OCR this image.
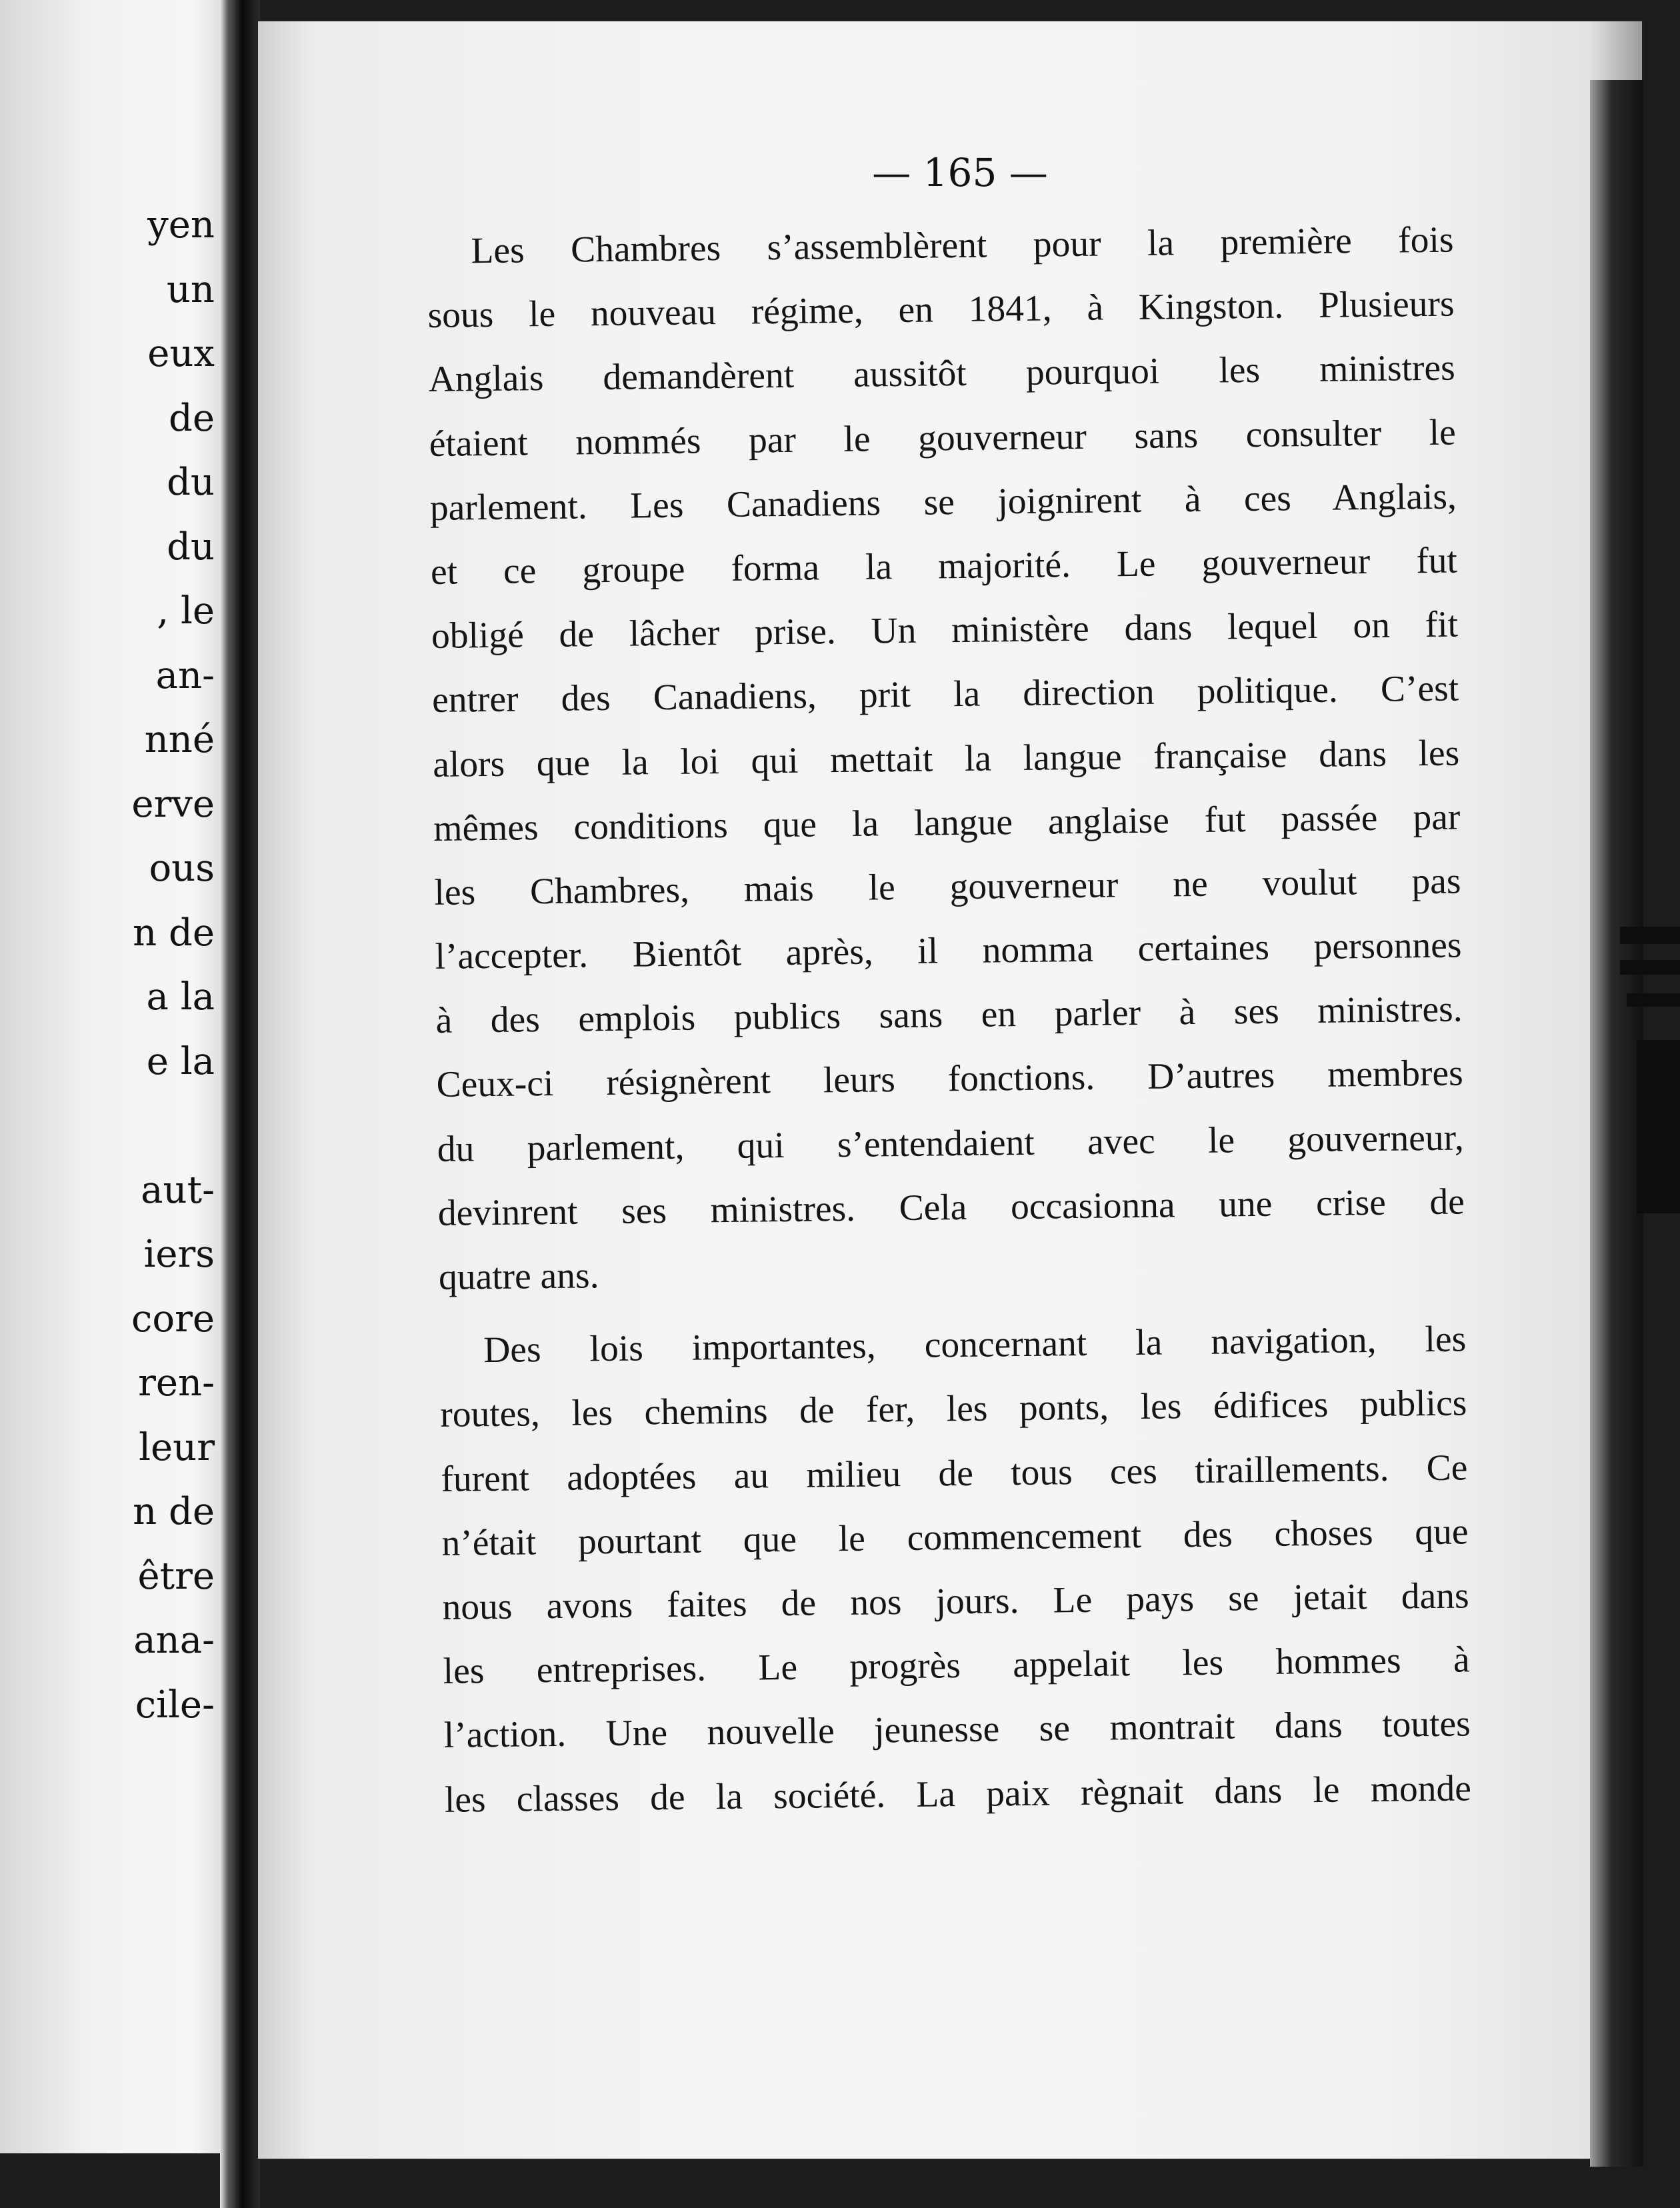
yen
un
eux
de
du
du
, le
an-
nné
erve
ous
n de
a la
e la
aut-
iers
core
ren-
leur
n de
être
ana-
cile-
— 165 —

Les Chambres s’assemblèrent pour la première fois
sous le nouveau régime, en 1841, à Kingston. Plusieurs
Anglais demandèrent aussitôt pourquoi les ministres
étaient nommés par le gouverneur sans consulter le
parlement. Les Canadiens se joignirent à ces Anglais,
et ce groupe forma la majorité. Le gouverneur fut
obligé de lâcher prise. Un ministère dans lequel on fit
entrer des Canadiens, prit la direction politique. C’est
alors que la loi qui mettait la langue française dans les
mêmes conditions que la langue anglaise fut passée par
les Chambres, mais le gouverneur ne voulut pas
l’accepter. Bientôt après, il nomma certaines personnes
à des emplois publics sans en parler à ses ministres.
Ceux-ci résignèrent leurs fonctions. D’autres membres
du parlement, qui s’entendaient avec le gouverneur,
devinrent ses ministres. Cela occasionna une crise de
quatre ans.

Des lois importantes, concernant la navigation, les
routes, les chemins de fer, les ponts, les édifices publics
furent adoptées au milieu de tous ces tiraillements. Ce
n’était pourtant que le commencement des choses que
nous avons faites de nos jours. Le pays se jetait dans
les entreprises. Le progrès appelait les hommes à
l’action. Une nouvelle jeunesse se montrait dans toutes
les classes de la société. La paix règnait dans le monde
